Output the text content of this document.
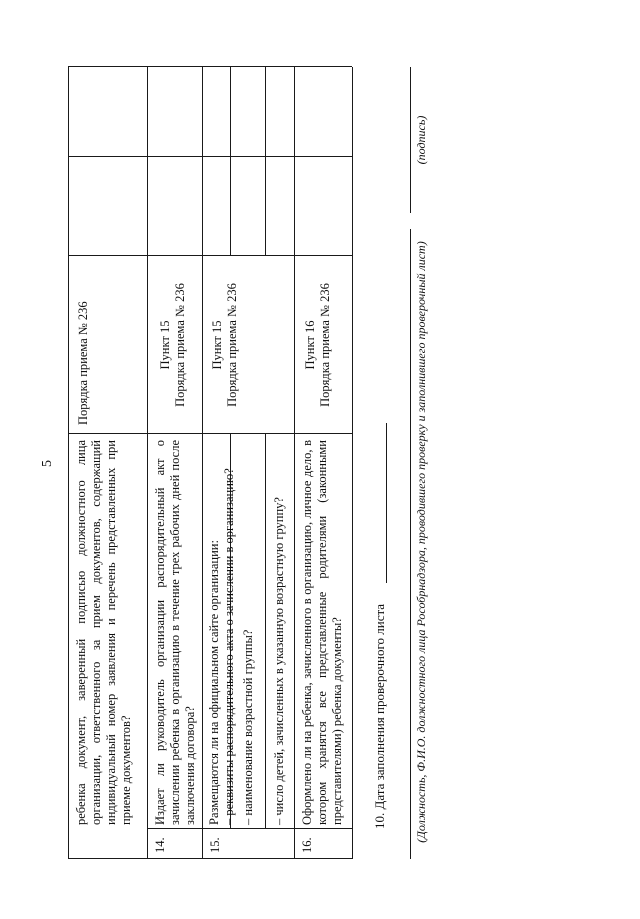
5 ребенка документ, заверенный подписью должностного лица организации, ответственного за прием документов, содержащий индивидуальный номер заявления и перечень представленных при приеме документов?
Порядка приема № 236
14.
Издает ли руководитель организации распорядительный акт о зачислении ребенка в организацию в течение трех рабочих дней после заключения договора?
Пункт 15 Порядка приема № 236
15.
Размещаются ли на официальном сайте организации: – реквизиты распорядительного акта о зачислении в организацию?
Пункт 15 Порядка приема № 236
– наименование возрастной группы? – число детей, зачисленных в указанную возрастную группу?
16.
Оформлено ли на ребенка, зачисленного в организацию, личное дело, в котором хранятся все представленные родителями (законными представителями) ребенка документы?
Пункт 16 Порядка приема № 236
10. Дата заполнения проверочного листа (Должность, Ф.И.О. должностного лица Рособрнадзора, проводившего проверку и заполнившего проверочный лист)
(подпись)
